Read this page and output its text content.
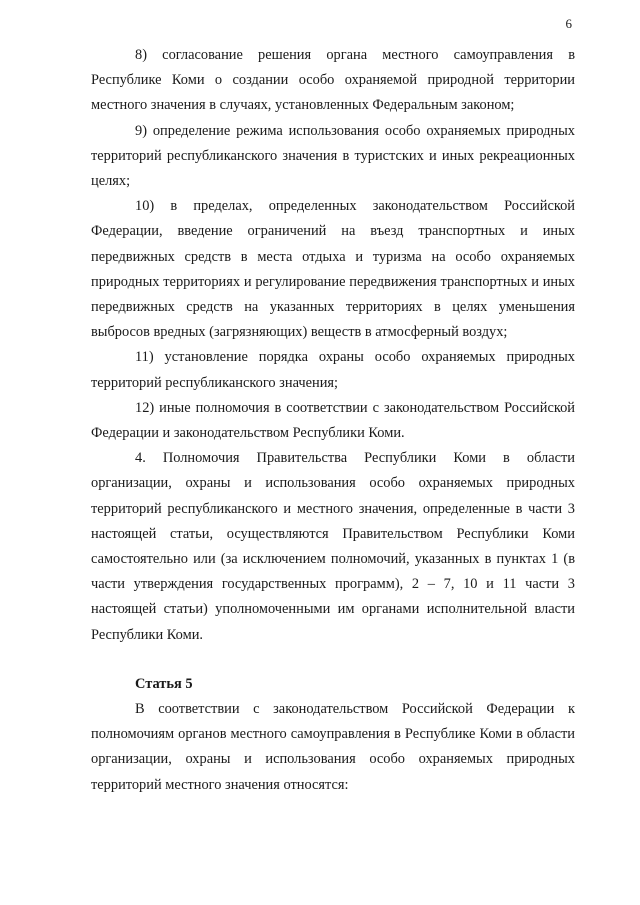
6

8) согласование решения органа местного самоуправления в Республике Коми о создании особо охраняемой природной территории местного значения в случаях, установленных Федеральным законом;

9) определение режима использования особо охраняемых природных территорий республиканского значения в туристских и иных рекреационных целях;

10) в пределах, определенных законодательством Российской Федерации, введение ограничений на въезд транспортных и иных передвижных средств в места отдыха и туризма на особо охраняемых природных территориях и регулирование передвижения транспортных и иных передвижных средств на указанных территориях в целях уменьшения выбросов вредных (загрязняющих) веществ в атмосферный воздух;

11) установление порядка охраны особо охраняемых природных территорий республиканского значения;

12) иные полномочия в соответствии с законодательством Российской Федерации и законодательством Республики Коми.

4. Полномочия Правительства Республики Коми в области организации, охраны и использования особо охраняемых природных территорий республиканского и местного значения, определенные в части 3 настоящей статьи, осуществляются Правительством Республики Коми самостоятельно или (за исключением полномочий, указанных в пунктах 1 (в части утверждения государственных программ), 2 – 7, 10 и 11 части 3 настоящей статьи) уполномоченными им органами исполнительной власти Республики Коми.

Статья 5

В соответствии с законодательством Российской Федерации к полномочиям органов местного самоуправления в Республике Коми в области организации, охраны и использования особо охраняемых природных территорий местного значения относятся:
